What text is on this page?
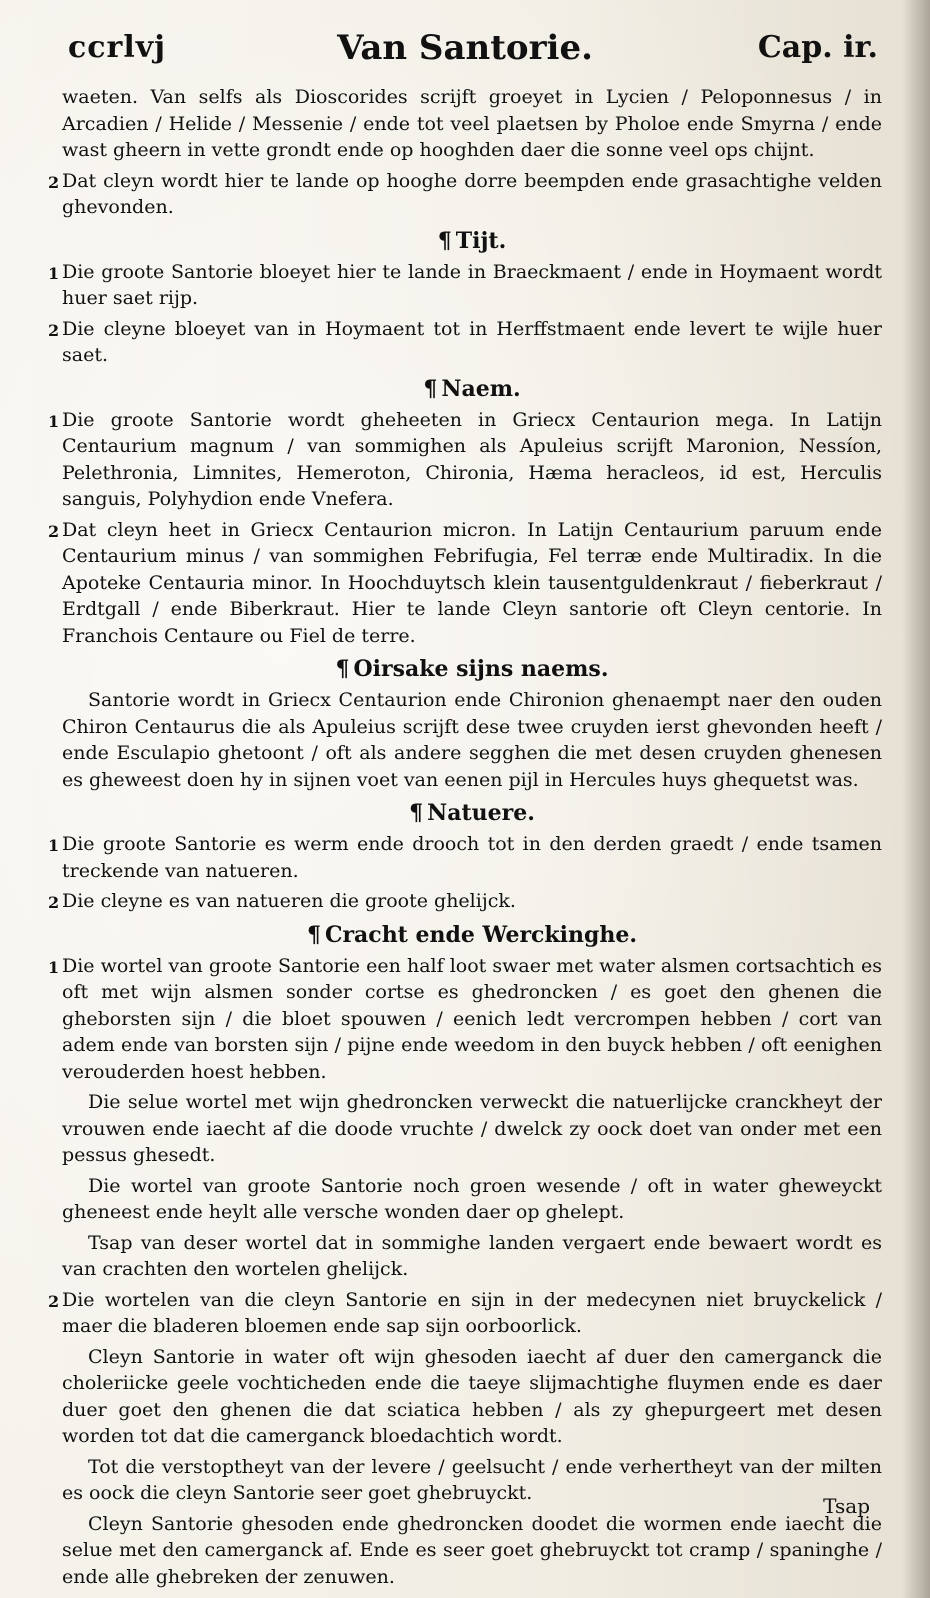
ccrlvj	Van Santorie.	Cap. ir.
waeten. Van selfs als Dioscorides scrijft groeyet in Lycien / Peloponnesus / in Arcadien / Helide / Messenie / ende tot veel plaetsen by Pholoe ende Smyrna / ende wast gheern in vette grondt ende op hooghden daer die sonne veel ops chijnt.
2 Dat cleyn wordt hier te lande op hooghe dorre beempden ende grasachtighe velden ghevonden.
¶ Tijt.
1 Die groote Santorie bloeyet hier te lande in Braeckmaent / ende in Hoymaent wordt huer saet rijp.
2 Die cleyne bloeyet van in Hoymaent tot in Herffstmaent ende levert te wijle huer saet.
¶ Naem.
1 Die groote Santorie wordt gheheeten in Griecx Centaurion mega. In Latijn Centaurium magnum / van sommighen als Apuleius scrijft Maronion, Nessíon, Pelethronia, Limnites, Hemeroton, Chironia, Hæma heracleos, id est, Herculis sanguis, Polyhydion ende Vnefera.
2 Dat cleyn heet in Griecx Centaurion micron. In Latijn Centaurium paruum ende Centaurium minus / van sommighen Febrifugia, Fel terræ ende Multiradix. In die Apoteke Centauria minor. In Hoochduytsch klein tausentguldenkraut / fieberkraut / Erdtgall / ende Biberkraut. Hier te lande Cleyn santorie oft Cleyn centorie. In Franchois Centaure ou Fiel de terre.
¶ Oirsake sijns naems.
Santorie wordt in Griecx Centaurion ende Chironion ghenaempt naer den ouden Chiron Centaurus die als Apuleius scrijft dese twee cruyden ierst ghevonden heeft / ende Esculapio ghetoont / oft als andere segghen die met desen cruyden ghenesen es gheweest doen hy in sijnen voet van eenen pijl in Hercules huys ghequetst was.
¶ Natuere.
1 Die groote Santorie es werm ende drooch tot in den derden graedt / ende tsamen treckende van natueren.
2 Die cleyne es van natueren die groote ghelijck.
¶ Cracht ende Werckinghe.
1 Die wortel van groote Santorie een half loot swaer met water alsmen cortsachtich es oft met wijn alsmen sonder cortse es ghedroncken / es goet den ghenen die gheborsten sijn / die bloet spouwen / eenich ledt vercrompen hebben / cort van adem ende van borsten sijn / pijne ende weedom in den buyck hebben / oft eenighen verouderden hoest hebben.
Die selue wortel met wijn ghedroncken verweckt die natuerlijcke cranckheyt der vrouwen ende iaecht af die doode vruchte / dwelck zy oock doet van onder met een pessus ghesedt.
Die wortel van groote Santorie noch groen wesende / oft in water gheweyckt gheneest ende heylt alle versche wonden daer op ghelept.
Tsap van deser wortel dat in sommighe landen vergaert ende bewaert wordt es van crachten den wortelen ghelijck.
2 Die wortelen van die cleyn Santorie en sijn in der medecynen niet bruyckelick / maer die bladeren bloemen ende sap sijn oorboorlick.
Cleyn Santorie in water oft wijn ghesoden iaecht af duer den camerganck die choleriicke geele vochticheden ende die taeye slijmachtighe fluymen ende es daer duer goet den ghenen die dat sciatica hebben / als zy ghepurgeert met desen worden tot dat die camerganck bloedachtich wordt.
Tot die verstoptheyt van der levere / geelsucht / ende verhertheyt van der milten es oock die cleyn Santorie seer goet ghebruyckt.
Cleyn Santorie ghesoden ende ghedroncken doodet die wormen ende iaecht die selue met den camerganck af. Ende es seer goet ghebruyckt tot cramp / spaninghe / ende alle ghebreken der zenuwen.
Tsap
